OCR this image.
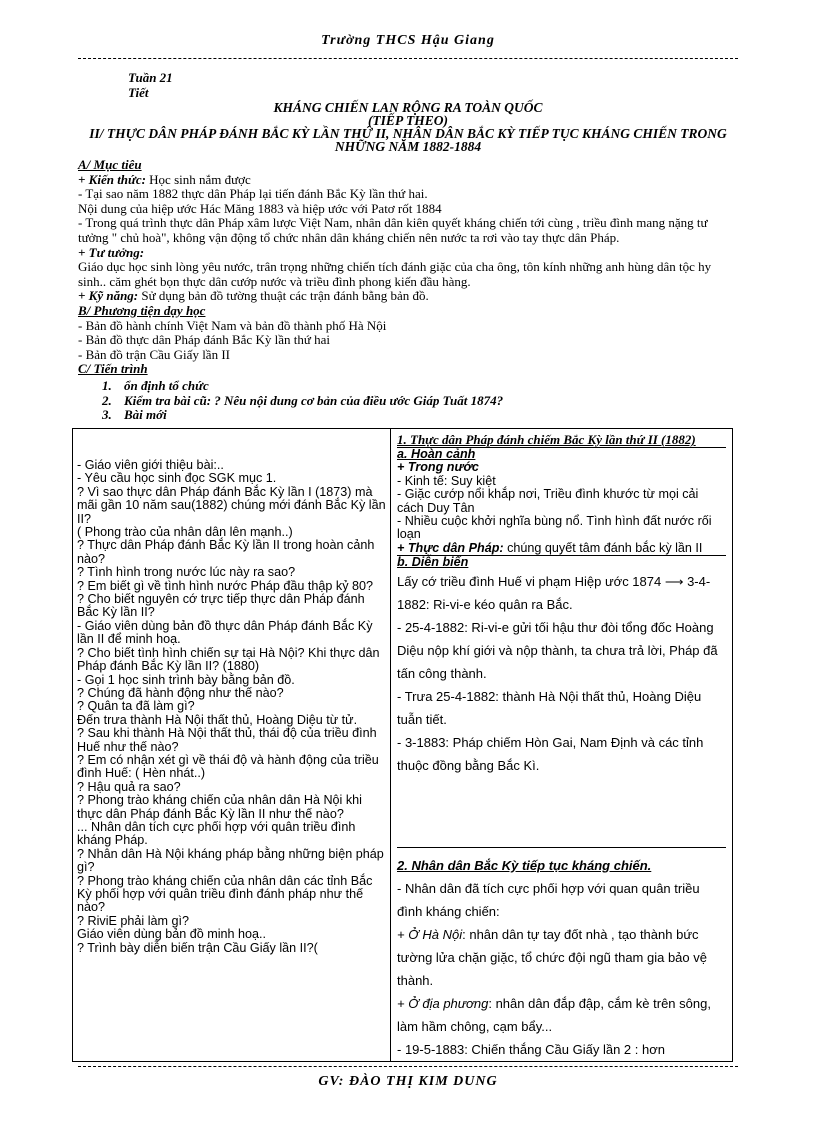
Trường THCS Hậu Giang
Tuần 21
Tiết
KHÁNG CHIẾN LAN RỘNG RA TOÀN QUỐC
(TIẾP THEO)
II/ THỰC DÂN PHÁP ĐÁNH BẮC KỲ LẦN THỨ II, NHÂN DÂN BẮC KỲ TIẾP TỤC KHÁNG CHIẾN TRONG NHỮNG NĂM 1882-1884

A/ Mục tiêu

+ Kiến thức: Học sinh nắm được

- Tại sao năm 1882 thực dân Pháp lại tiến đánh Bắc Kỳ lần thứ hai.

Nội dung của hiệp ước Hác Măng 1883 và hiệp ước với Patơ rốt 1884

- Trong quá trình thực dân Pháp xâm lược Việt Nam, nhân dân kiên quyết kháng chiến tới cùng , triều đình mang nặng tư tưởng " chủ hoà", không vận động tổ chức nhân dân kháng chiến nên nước ta rơi vào tay thực dân Pháp.

+ Tư tưởng:

Giáo dục học sinh lòng yêu nước, trân trọng những chiến tích đánh giặc của cha ông, tôn kính những anh hùng dân tộc hy sinh.. căm ghét bọn thực dân cướp nước và triều đình phong kiến đầu hàng.

+ Kỹ năng: Sử dụng bản đồ tường thuật các trận đánh bằng bản đồ.

B/ Phương tiện dạy học

- Bản đồ hành chính Việt Nam và bản đồ thành phố Hà Nội

- Bản đồ thực dân Pháp đánh Bắc Kỳ lần thứ hai

- Bản đồ trận Cầu Giấy lần II

C/ Tiến trình

1. ổn định tổ chức
2. Kiểm tra bài cũ: ? Nêu nội dung cơ bản của điều ước Giáp Tuất 1874?
3. Bài mới
- Giáo viên giới thiệu bài:..
- Yêu cầu học sinh đọc SGK mục 1.
? Vì sao thực dân Pháp đánh Bắc Kỳ lần I (1873) mà mãi gần 10 năm sau(1882) chúng mới đánh Bắc Kỳ lần II?
( Phong trào của nhân dân lên mạnh..)
? Thực dân Pháp đánh Bắc Kỳ lần II trong hoàn cảnh nào?
? Tình hình trong nước lúc này ra sao?
? Em biết gì về tình hình nước Pháp đầu thập kỷ 80?
? Cho biết nguyên cớ trực tiếp thực dân Pháp đánh Bắc Kỳ lần II?
- Giáo viên dùng bản đồ thực dân Pháp đánh Bắc Kỳ lần II để minh hoạ.
? Cho biết tình hình chiến sự tại Hà Nội? Khi thực dân Pháp đánh Bắc Kỳ lần II? (1880)
- Gọi 1 học sinh trình bày bằng bản đồ.
? Chúng đã hành động như thế nào?
? Quân ta đã làm gì?
Đến trưa thành Hà Nội thất thủ, Hoàng Diệu từ tử.
? Sau khi thành Hà Nội thất thủ, thái độ của triều đình Huế như thế nào?
? Em có nhận xét gì về thái độ và hành động của triều đình Huế: ( Hèn nhát..)
? Hậu quả ra sao?
? Phong trào kháng chiến của nhân dân Hà Nội khi thực dân Pháp đánh Bắc Kỳ lần II như thế nào?
... Nhân dân tích cực phối hợp với quân triều đình kháng Pháp.
? Nhân dân Hà Nội kháng pháp bằng những biện pháp gì?
? Phong trào kháng chiến của nhân dân các tỉnh Bắc Kỳ phối hợp với quân triều đình đánh pháp như thế nào?
? RiviE phải làm gì?
Giáo viên dùng bản đồ minh hoạ..
? Trình bày diễn biến trận Cầu Giấy lần II?(

1. Thực dân Pháp đánh chiếm Bắc Kỳ lần thứ II (1882)
a. Hoàn cảnh
+ Trong nước
- Kinh tế: Suy kiệt
- Giặc cướp nổi khắp nơi, Triều đình khước từ mọi cải cách Duy Tân
- Nhiều cuộc khởi nghĩa bùng nổ. Tình hình đất nước rối loạn
+ Thực dân Pháp: chúng quyết tâm đánh bắc kỳ lần II
b. Diễn biến
Lấy cớ triều đình Huế vi phạm Hiệp ước 1874 ⟶ 3-4-1882: Ri-vi-e kéo quân ra Bắc.
- 25-4-1882: Ri-vi-e gửi tối hậu thư đòi tổng đốc Hoàng Diệu nộp khí giới và nộp thành, ta chưa trả lời, Pháp đã tấn công thành.
- Trưa 25-4-1882: thành Hà Nội thất thủ, Hoàng Diệu tuẫn tiết.
- 3-1883: Pháp chiếm Hòn Gai, Nam Định và các tỉnh thuộc đồng bằng Bắc Kì.
2. Nhân dân Bắc Kỳ tiếp tục kháng chiến.
- Nhân dân đã tích cực phối hợp với quan quân triều đình kháng chiến:
+ Ở Hà Nội: nhân dân tự tay đốt nhà , tạo thành bức tường lửa chặn giặc, tổ chức đội ngũ tham gia bảo vệ thành.
+ Ở địa phương: nhân dân đắp đập, cắm kè trên sông, làm hầm chông, cạm bẩy...
- 19-5-1883: Chiến thắng Cầu Giấy lần 2 : hơn
GV: ĐÀO THỊ KIM DUNG
